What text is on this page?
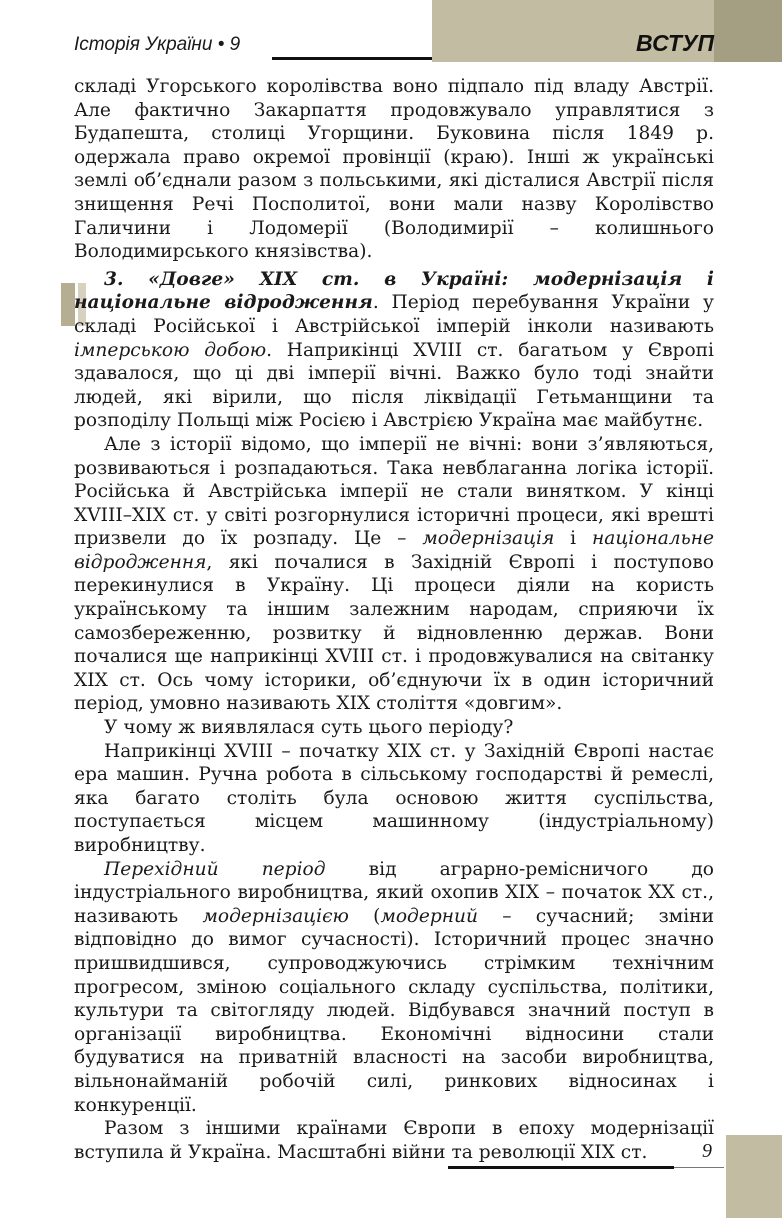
Історія України • 9	ВСТУП

складі Угорського королівства воно підпало під владу Австрії. Але фактично Закарпаття продовжувало управлятися з Будапешта, столиці Угорщини. Буковина після 1849 р. одержала право окремої провінції (краю). Інші ж українські землі об’єднали разом з польськими, які дісталися Австрії після знищення Речі Посполитої, вони мали назву Королівство Галичини і Лодомерії (Володимирії – колишнього Володимирського князівства).

3. «Довге» ХІХ ст. в Україні: модернізація і національне відродження. Період перебування України у складі Російської і Австрійської імперій інколи називають імперською добою. Наприкінці ХVІІІ ст. багатьом у Європі здавалося, що ці дві імперії вічні. Важко було тоді знайти людей, які вірили, що після ліквідації Гетьманщини та розподілу Польщі між Росією і Австрією Україна має майбутнє.

Але з історії відомо, що імперії не вічні: вони з’являються, розвиваються і розпадаються. Така невблаганна логіка історії. Російська й Австрійська імперії не стали винятком. У кінці ХVІІІ–ХІХ ст. у світі розгорнулися історичні процеси, які врешті призвели до їх розпаду. Це – модернізація і національне відродження, які почалися в Західній Європі і поступово перекинулися в Україну. Ці процеси діяли на користь українському та іншим залежним народам, сприяючи їх самозбереженню, розвитку й відновленню держав. Вони почалися ще наприкінці ХVІІІ ст. і продовжувалися на світанку ХІХ ст. Ось чому історики, об’єднуючи їх в один історичний період, умовно називають ХІХ століття «довгим».

У чому ж виявлялася суть цього періоду?

Наприкінці ХVІІІ – початку ХІХ ст. у Західній Європі настає ера машин. Ручна робота в сільському господарстві й ремеслі, яка багато століть була основою життя суспільства, поступається місцем машинному (індустріальному) виробництву.

Перехідний період від аграрно-ремісничого до індустріального виробництва, який охопив ХІХ – початок ХХ ст., називають модернізацією (модерний – сучасний; зміни відповідно до вимог сучасності). Історичний процес значно пришвидшився, супроводжуючись стрімким технічним прогресом, зміною соціального складу суспільства, політики, культури та світогляду людей. Відбувався значний поступ в організації виробництва. Економічні відносини стали будуватися на приватній власності на засоби виробництва, вільнонайманій робочій силі, ринкових відносинах і конкуренції.

Разом з іншими країнами Європи в епоху модернізації вступила й Україна. Масштабні війни та революції ХІХ ст.	9
